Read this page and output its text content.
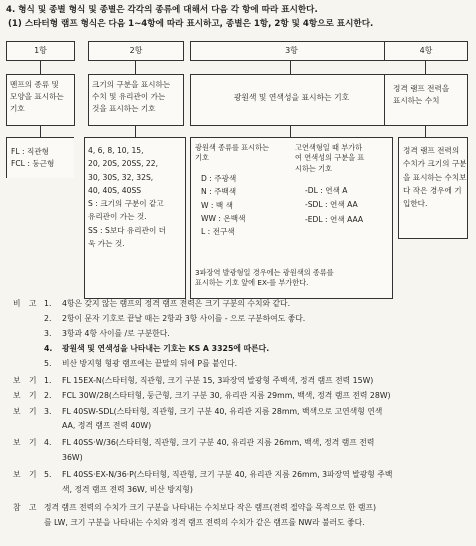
4. 형식 및 종별 형식 및 종별은 각각의 종류에 대해서 다음 각 항에 따라 표시한다.
(1) 스타터형 램프 형식은 다음 1∼4항에 따라 표시하고, 종별은 1항, 2항 및 4항으로 표시한다.
1항	2항	3항	4항
멘프의 종류 및
모양을 표시하는
기호
크기의 구분을 표시하는
수치 및 유리관이 가는
것을 표시하는 기호
광원색 및 연색성을 표시하는 기호
정격 램프 전력을
표시하는 수치
FL : 직관형
FCL : 둥근형
4, 6, 8, 10, 15,
20, 20S, 20SS, 22,
30, 30S, 32, 32S,
40, 40S, 40SS
S : 크기의 구분이 같고
유리관이 가는 것.
SS : S보다 유리관이 더
욱 가는 것.
광원색 종류를 표시하는
기호
고연색형일 때 부가하
여 연색성의 구분을 표
시하는 기호
D : 주광색
N : 주백색
W : 백 색
WW : 온백색
L : 전구색
-DL : 연색 A
-SDL : 연색 AA
-EDL : 연색 AAA
3파장역 발광형일 경우에는 광원색의 종류를
표시하는 기호 앞에 EX-를 부가한다.
정격 램프 전력의
수치가 크기의 구분
을 표시하는 수치보
다 작은 경우에 기
입한다.
비 고 1. 4항은 갖지 않는 램프의 정격 램프 전력은 크기 구분의 수치와 같다.
2. 2항이 문자 기호로 끝날 때는 2항과 3항 사이를 - 으로 구분하여도 좋다.
3. 3항과 4항 사이를 /로 구분한다.
4. 광원색 및 연색성을 나타내는 기호는 KS A 3325에 따른다.
5. 비산 방지형 형광 램프에는 끝말의 뒤에 P를 붙인다.
보 기 1. FL 15EX-N(스타터형, 직관형, 크기 구분 15, 3파장역 발광형 주백색, 정격 램프 전력 15W)
보 기 2. FCL 30W/28(스타터형, 둥근형, 크기 구분 30, 유리관 지름 29mm, 백색, 정격 램프 전력 28W)
보 기 3. FL 40SW-SDL(스타터형, 직관형, 크기 구분 40, 유리관 지름 28mm, 백색으로 고연색형 연색
AA, 정격 램프 전력 40W)
보 기 4. FL 40SS·W/36(스타터형, 직관형, 크기 구분 40, 유리관 지름 26mm, 백색, 정격 램프 전력
36W)
보 기 5. FL 40SS·EX-N/36·P(스타터형, 직관형, 크기 구분 40, 유리관 지름 26mm, 3파장역 발광형 주백
색, 정격 램프 전력 36W, 비산 방지형)
참 고 정격 램프 전력의 수치가 크기 구분을 나타내는 수치보다 작은 램프(전력 절약을 목적으로 한 램프)
를 LW, 크기 구분을 나타내는 수치와 정격 램프 전력의 수치가 같은 램프를 NW라 불러도 좋다.
